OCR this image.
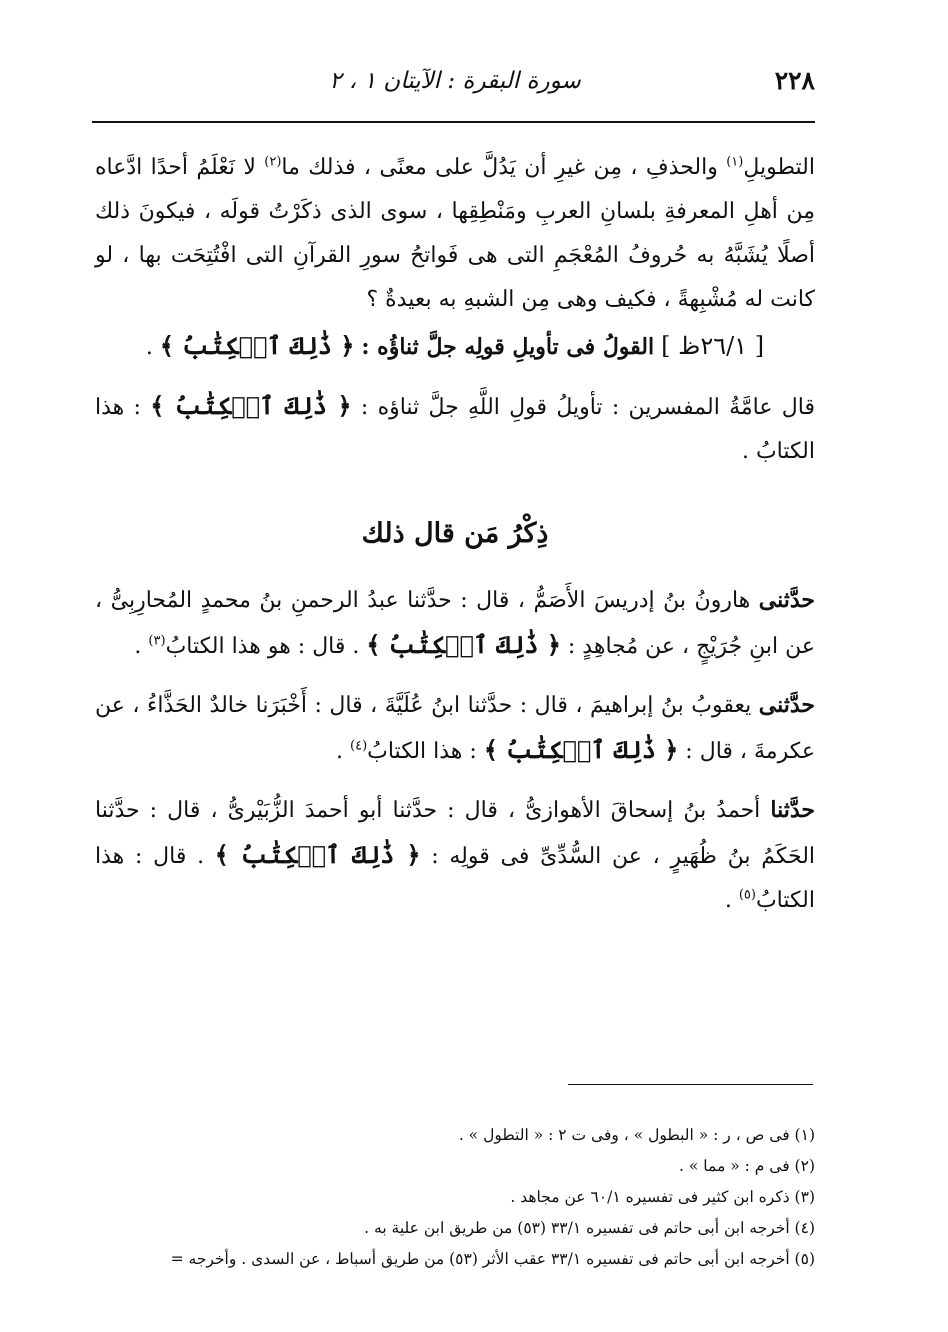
٢٢٨
سورة البقرة : الآيتان ١ ، ٢

التطويلِ$^{(١)}$ والحذفِ ، مِن غيرِ أن يَدُلَّ على معنًى ، فذلك ما$^{(٢)}$ لا نَعْلَمُ أحدًا ادَّعاه مِن أهلِ المعرفةِ بلسانِ العربِ ومَنْطِقِها ، سوى الذى ذكَرْتُ قولَه ، فيكونَ ذلك أصلًا يُشَبَّهُ به حُروفُ المُعْجَمِ التى هى فَواتحُ سورِ القرآنِ التى افْتُتِحَت بها ، لو كانت له مُشْبِهةً ، فكيف وهى مِن الشبهِ به بعيدةٌ ؟

[ ٢٦/١ظ ] القولُ فى تأويلِ قولِه جلَّ ثناؤُه : ﴿ ذَٰلِكَ ٱلۡكِتَٰبُ ﴾ .

قال عامَّةُ المفسرين : تأويلُ قولِ اللَّهِ جلَّ ثناؤه : ﴿ ذَٰلِكَ ٱلۡكِتَٰبُ ﴾ : هذا الكتابُ .

ذِكْرُ مَن قال ذلك

حدَّثنى هارونُ بنُ إدريسَ الأَصَمُّ ، قال : حدَّثنا عبدُ الرحمنِ بنُ محمدٍ المُحارِبِىُّ ، عن ابنِ جُرَيْجٍ ، عن مُجاهِدٍ : ﴿ ذَٰلِكَ ٱلۡكِتَٰبُ ﴾ . قال : هو هذا الكتابُ$^{(٣)}$ .

حدَّثنى يعقوبُ بنُ إبراهيمَ ، قال : حدَّثنا ابنُ عُلَيَّةَ ، قال : أَخْبَرَنا خالدٌ الحَذَّاءُ ، عن عكرمةَ ، قال : ﴿ ذَٰلِكَ ٱلۡكِتَٰبُ ﴾ : هذا الكتابُ$^{(٤)}$ .

حدَّثنا أحمدُ بنُ إسحاقَ الأهوازىُّ ، قال : حدَّثنا أبو أحمدَ الزُّبَيْرىُّ ، قال : حدَّثنا الحَكَمُ بنُ ظُهَيرٍ ، عن السُّدِّىِّ فى قولِه : ﴿ ذَٰلِكَ ٱلۡكِتَٰبُ ﴾ . قال : هذا الكتابُ$^{(٥)}$ .

(١) فى ص ، ر : « البطول » ، وفى ت ٢ : « التطول » .
(٢) فى م : « مما » .
(٣) ذكره ابن كثير فى تفسيره ٦٠/١ عن مجاهد .
(٤) أخرجه ابن أبى حاتم فى تفسيره ٣٣/١ (٥٣) من طريق ابن علية به .
(٥) أخرجه ابن أبى حاتم فى تفسيره ٣٣/١ عقب الأثر (٥٣) من طريق أسباط ، عن السدى . وأخرجه =
